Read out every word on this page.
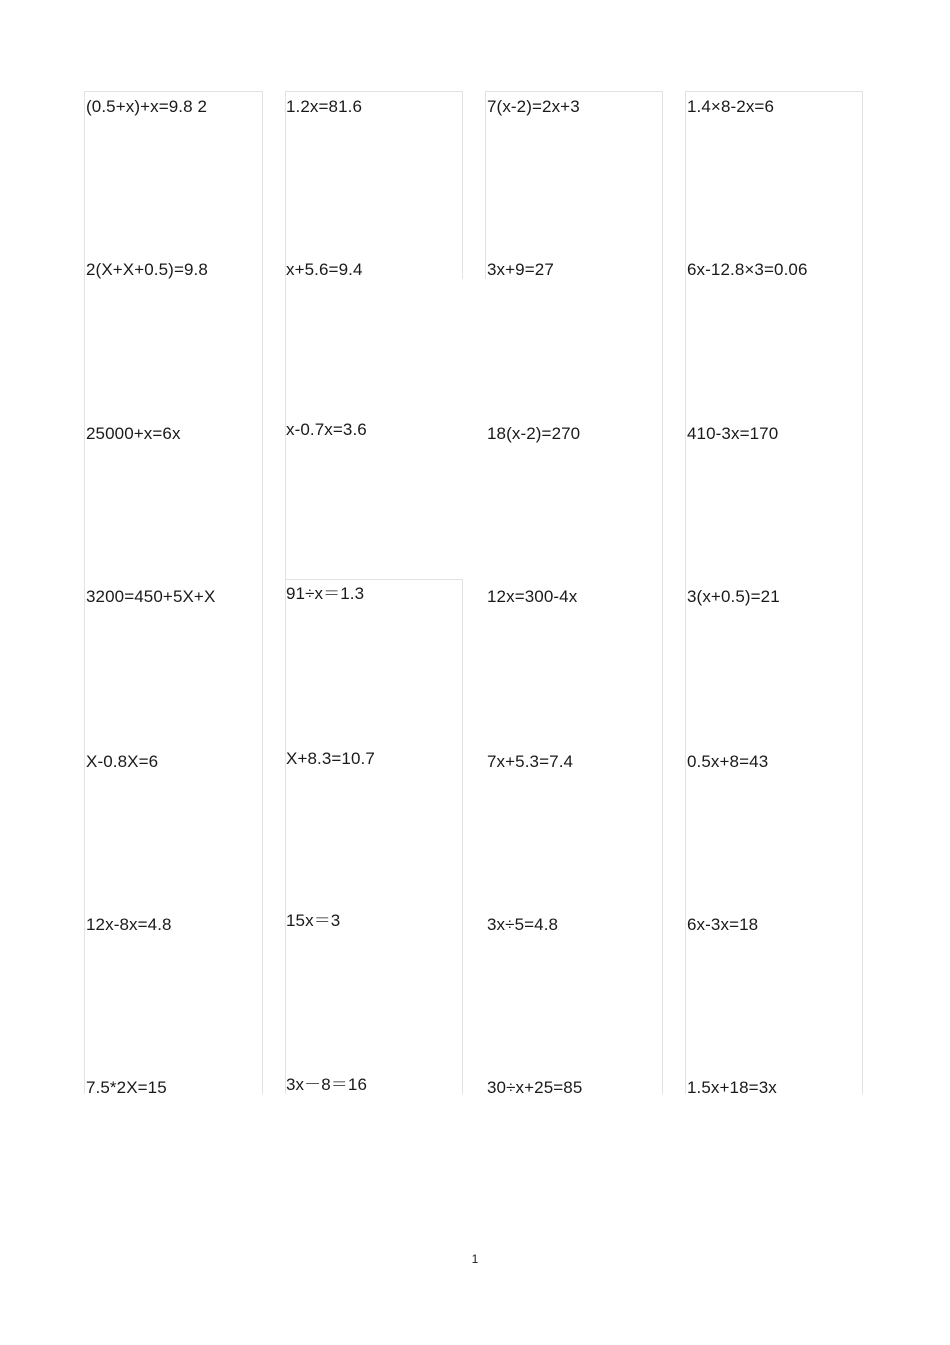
(0.5+x)+x=9.8 2
2(X+X+0.5)=9.8
25000+x=6x
3200=450+5X+X
X-0.8X=6
12x-8x=4.8
7.5*2X=15
1.2x=81.6
x+5.6=9.4
x-0.7x=3.6
91÷x＝1.3
X+8.3=10.7
15x＝3
3x－8＝16
7(x-2)=2x+3
3x+9=27
18(x-2)=270
12x=300-4x
7x+5.3=7.4
3x÷5=4.8
30÷x+25=85
1.4×8-2x=6
6x-12.8×3=0.06
410-3x=170
3(x+0.5)=21
0.5x+8=43
6x-3x=18
1.5x+18=3x
1
